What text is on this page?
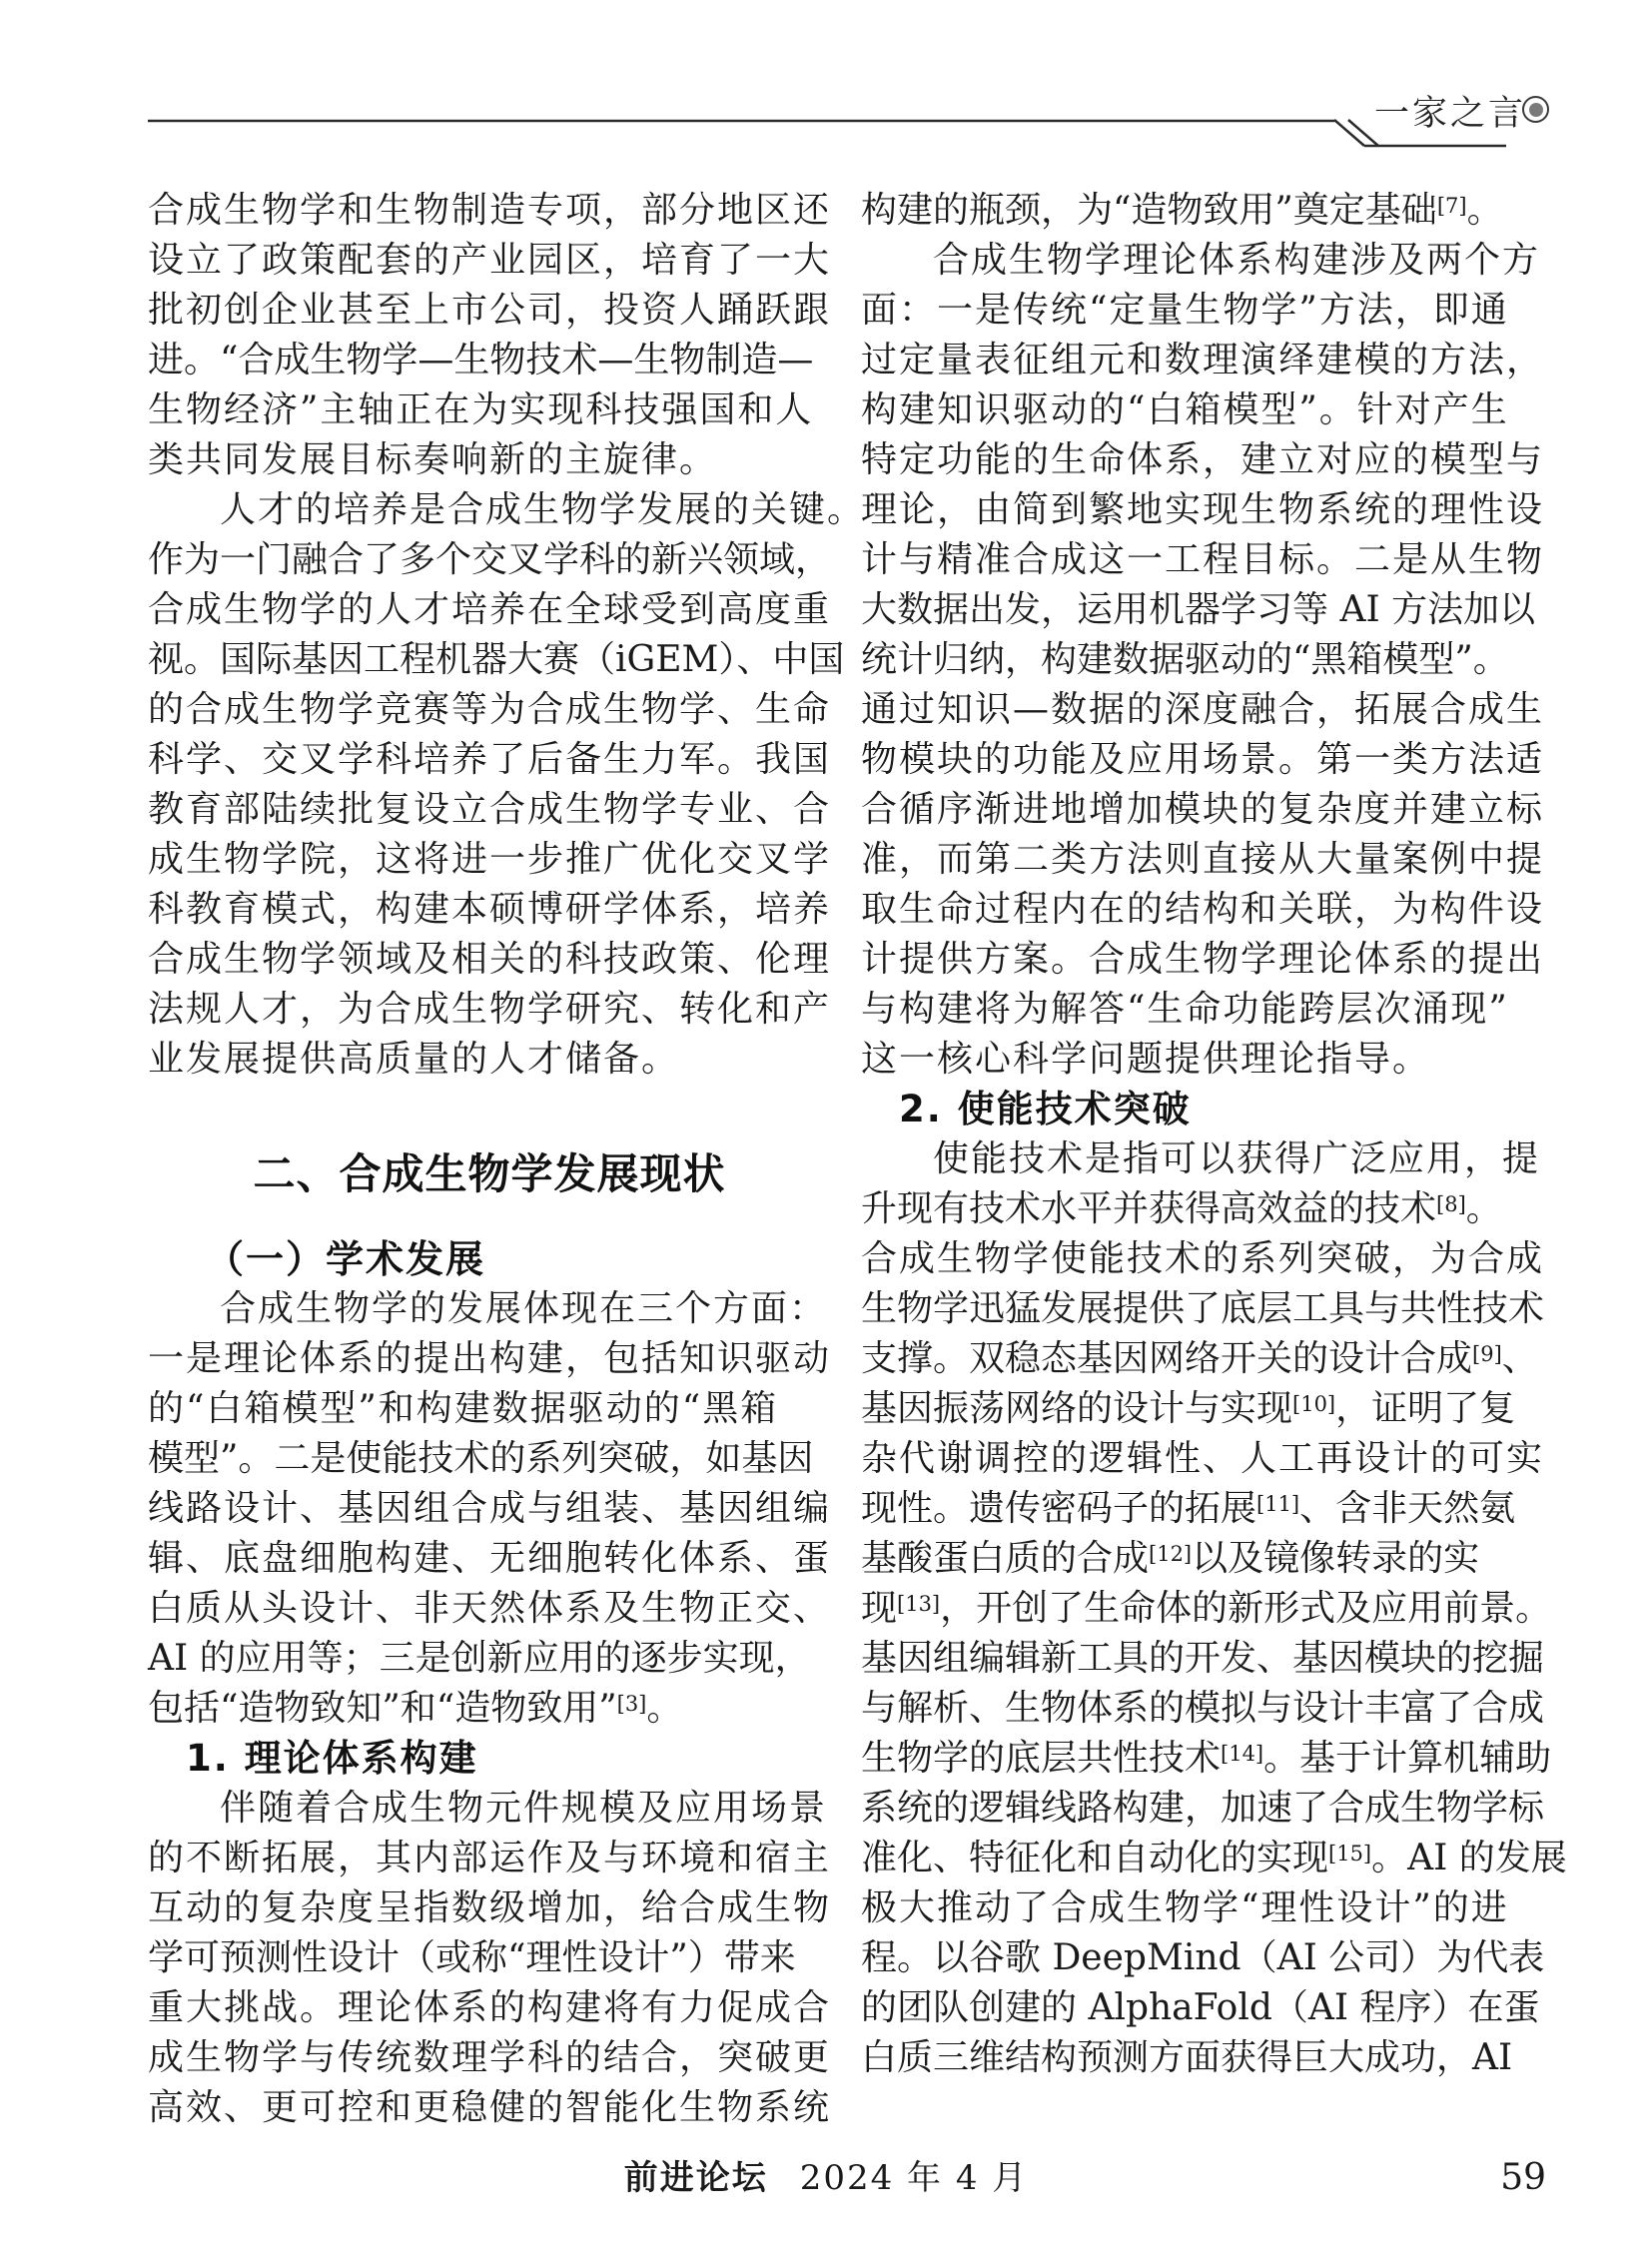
一家之言
合成生物学和生物制造专项，部分地区还
设立了政策配套的产业园区，培育了一大
批初创企业甚至上市公司，投资人踊跃跟
进。“合成生物学—生物技术—生物制造—
生物经济”主轴正在为实现科技强国和人
类共同发展目标奏响新的主旋律。
人才的培养是合成生物学发展的关键。
作为一门融合了多个交叉学科的新兴领域，
合成生物学的人才培养在全球受到高度重
视。国际基因工程机器大赛（iGEM）、中国
的合成生物学竞赛等为合成生物学、生命
科学、交叉学科培养了后备生力军。我国
教育部陆续批复设立合成生物学专业、合
成生物学院，这将进一步推广优化交叉学
科教育模式，构建本硕博研学体系，培养
合成生物学领域及相关的科技政策、伦理
法规人才，为合成生物学研究、转化和产
业发展提供高质量的人才储备。
二、合成生物学发展现状
（一）学术发展
合成生物学的发展体现在三个方面：
一是理论体系的提出构建，包括知识驱动
的“白箱模型”和构建数据驱动的“黑箱
模型”。二是使能技术的系列突破，如基因
线路设计、基因组合成与组装、基因组编
辑、底盘细胞构建、无细胞转化体系、蛋
白质从头设计、非天然体系及生物正交、
AI 的应用等；三是创新应用的逐步实现，
包括“造物致知”和“造物致用”[3]。
1. 理论体系构建
伴随着合成生物元件规模及应用场景
的不断拓展，其内部运作及与环境和宿主
互动的复杂度呈指数级增加，给合成生物
学可预测性设计（或称“理性设计”）带来
重大挑战。理论体系的构建将有力促成合
成生物学与传统数理学科的结合，突破更
高效、更可控和更稳健的智能化生物系统
构建的瓶颈，为“造物致用”奠定基础[7]。
合成生物学理论体系构建涉及两个方
面：一是传统“定量生物学”方法，即通
过定量表征组元和数理演绎建模的方法，
构建知识驱动的“白箱模型”。针对产生
特定功能的生命体系，建立对应的模型与
理论，由简到繁地实现生物系统的理性设
计与精准合成这一工程目标。二是从生物
大数据出发，运用机器学习等 AI 方法加以
统计归纳，构建数据驱动的“黑箱模型”。
通过知识—数据的深度融合，拓展合成生
物模块的功能及应用场景。第一类方法适
合循序渐进地增加模块的复杂度并建立标
准，而第二类方法则直接从大量案例中提
取生命过程内在的结构和关联，为构件设
计提供方案。合成生物学理论体系的提出
与构建将为解答“生命功能跨层次涌现”
这一核心科学问题提供理论指导。
2. 使能技术突破
使能技术是指可以获得广泛应用，提
升现有技术水平并获得高效益的技术[8]。
合成生物学使能技术的系列突破，为合成
生物学迅猛发展提供了底层工具与共性技术
支撑。双稳态基因网络开关的设计合成[9]、
基因振荡网络的设计与实现[10]，证明了复
杂代谢调控的逻辑性、人工再设计的可实
现性。遗传密码子的拓展[11]、含非天然氨
基酸蛋白质的合成[12]以及镜像转录的实
现[13]，开创了生命体的新形式及应用前景。
基因组编辑新工具的开发、基因模块的挖掘
与解析、生物体系的模拟与设计丰富了合成
生物学的底层共性技术[14]。基于计算机辅助
系统的逻辑线路构建，加速了合成生物学标
准化、特征化和自动化的实现[15]。AI 的发展
极大推动了合成生物学“理性设计”的进
程。以谷歌 DeepMind（AI 公司）为代表
的团队创建的 AlphaFold（AI 程序）在蛋
白质三维结构预测方面获得巨大成功，AI
前进论坛 2024 年 4 月	59
